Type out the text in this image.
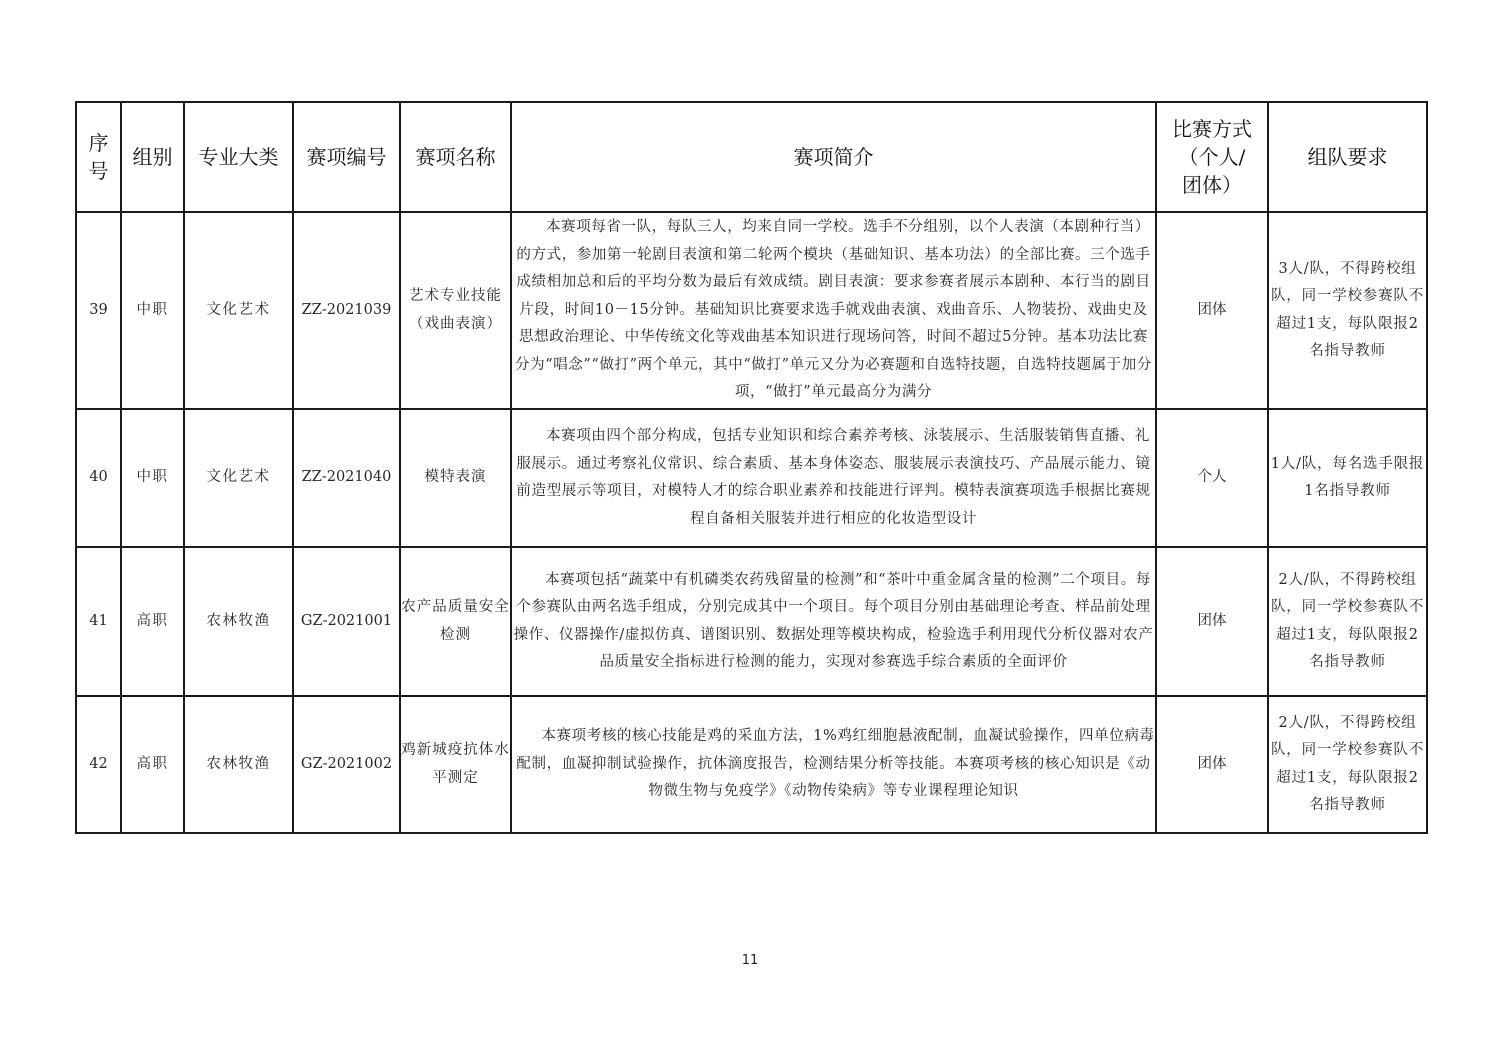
序号	组别	专业大类	赛项编号	赛项名称	赛项简介	比赛方式（个人/团体）	组队要求
39	中职	文化艺术	ZZ-2021039	艺术专业技能（戏曲表演）	本赛项每省一队，每队三人，均来自同一学校。选手不分组别，以个人表演（本剧种行当）的方式，参加第一轮剧目表演和第二轮两个模块（基础知识、基本功法）的全部比赛。三个选手成绩相加总和后的平均分数为最后有效成绩。剧目表演：要求参赛者展示本剧种、本行当的剧目片段，时间10－15分钟。基础知识比赛要求选手就戏曲表演、戏曲音乐、人物装扮、戏曲史及思想政治理论、中华传统文化等戏曲基本知识进行现场问答，时间不超过5分钟。基本功法比赛分为“唱念”“做打”两个单元，其中“做打”单元又分为必赛题和自选特技题，自选特技题属于加分项，“做打”单元最高分为满分	团体	3人/队，不得跨校组队，同一学校参赛队不超过1支，每队限报2名指导教师
40	中职	文化艺术	ZZ-2021040	模特表演	本赛项由四个部分构成，包括专业知识和综合素养考核、泳装展示、生活服装销售直播、礼服展示。通过考察礼仪常识、综合素质、基本身体姿态、服装展示表演技巧、产品展示能力、镜前造型展示等项目，对模特人才的综合职业素养和技能进行评判。模特表演赛项选手根据比赛规程自备相关服装并进行相应的化妆造型设计	个人	1人/队，每名选手限报1名指导教师
41	高职	农林牧渔	GZ-2021001	农产品质量安全检测	本赛项包括“蔬菜中有机磷类农药残留量的检测”和“茶叶中重金属含量的检测”二个项目。每个参赛队由两名选手组成，分别完成其中一个项目。每个项目分别由基础理论考查、样品前处理操作、仪器操作/虚拟仿真、谱图识别、数据处理等模块构成，检验选手利用现代分析仪器对农产品质量安全指标进行检测的能力，实现对参赛选手综合素质的全面评价	团体	2人/队，不得跨校组队，同一学校参赛队不超过1支，每队限报2名指导教师
42	高职	农林牧渔	GZ-2021002	鸡新城疫抗体水平测定	本赛项考核的核心技能是鸡的采血方法，1%鸡红细胞悬液配制，血凝试验操作，四单位病毒配制，血凝抑制试验操作，抗体滴度报告，检测结果分析等技能。本赛项考核的核心知识是《动物微生物与免疫学》《动物传染病》等专业课程理论知识	团体	2人/队，不得跨校组队，同一学校参赛队不超过1支，每队限报2名指导教师
11
